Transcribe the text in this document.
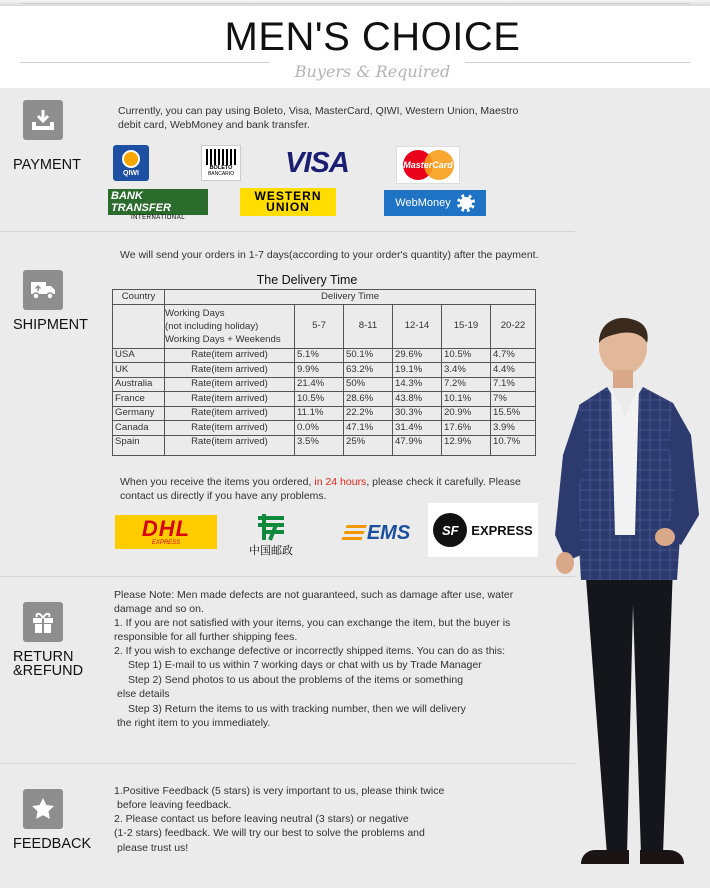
MEN'S CHOICE
Buyers & Required
PAYMENT
Currently, you can pay using Boleto, Visa, MasterCard, QIWI, Western Union, Maestro
debit card, WebMoney and bank transfer.
QIWI
BOLETO
BANCARIO VISA	MasterCard
BANK TRANSFER
INTERNATIONAL
WESTERN
UNION	WebMoney
SHIPMENT
We will send your orders in 1-7 days(according to your order's quantity) after the payment.
The Delivery Time
Country	Delivery Time					

	Working Days
(not including holiday)
Working Days + Weekends	5-7	8-11	12-14	15-19	20-22
USA	Rate(item arrived)	5.1%	50.1%	29.6%	10.5%	4.7%
UK	Rate(item arrived)	9.9%	63.2%	19.1%	3.4%	4.4%
Australia	Rate(item arrived)	21.4%	50%	14.3%	7.2%	7.1%
France	Rate(item arrived)	10.5%	28.6%	43.8%	10.1%	7%
Germany	Rate(item arrived)	11.1%	22.2%	30.3%	20.9%	15.5%
Canada	Rate(item arrived)	0.0%	47.1%	31.4%	17.6%	3.9%
Spain	Rate(item arrived)	3.5%	25%	47.9%	12.9%	10.7%
When you receive the items you ordered, in 24 hours, please check it carefully. Please
contact us directly if you have any problems.
DHL
EXPRESS
中国邮政
EMS SF EXPRESS
RETURN
&REFUND
Please Note: Men made defects are not guaranteed, such as damage after use, water
damage and so on.
1. If you are not satisfied with your items, you can exchange the item, but the buyer is
responsible for all further shipping fees.
2. If you wish to exchange defective or incorrectly shipped items. You can do as this:
Step 1) E-mail to us within 7 working days or chat with us by Trade Manager
Step 2) Send photos to us about the problems of the items or something
else details
Step 3) Return the items to us with tracking number, then we will delivery
the right item to you immediately.
FEEDBACK
1.Positive Feedback (5 stars) is very important to us, please think twice
before leaving feedback.
2. Please contact us before leaving neutral (3 stars) or negative
(1-2 stars) feedback. We will try our best to solve the problems and
please trust us!
